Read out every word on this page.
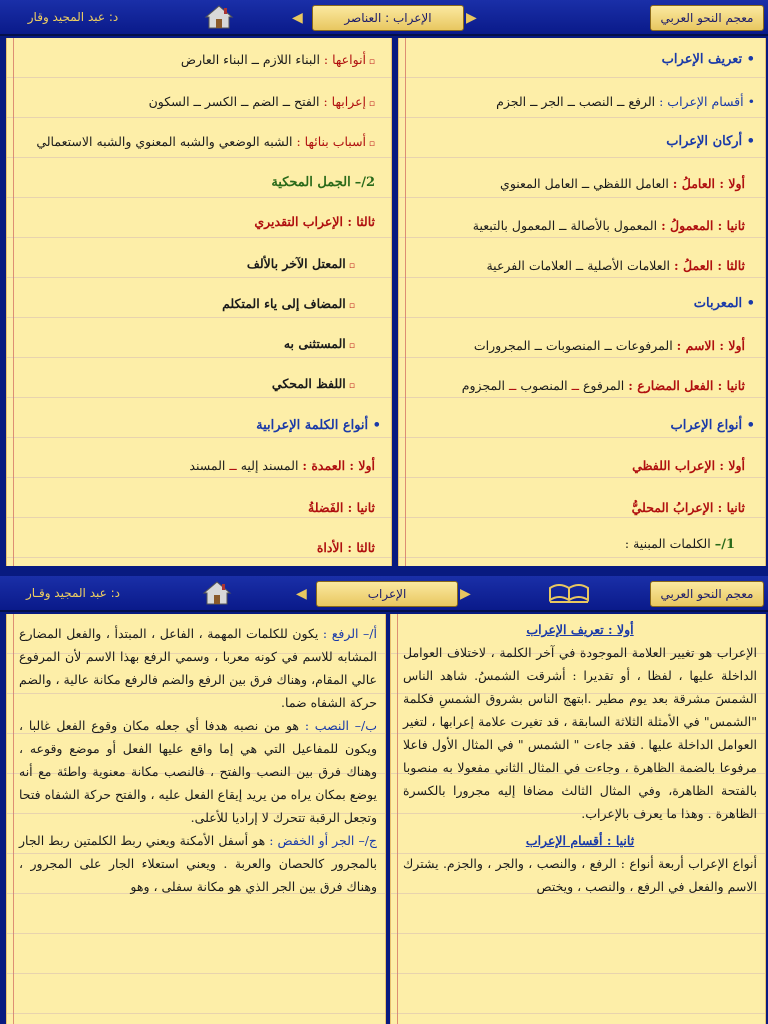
د: عبد المجيد وقار	الإعراب : العناصر
◀	▶	معجم النحو العربي
• تعريف الإعراب
• أقسام الإعراب : الرفع ــ النصب ــ الجر ــ الجزم
• أركان الإعراب
أولا : العاملُ : العامل اللفظي ــ العامل المعنوي
ثانيا : المعمولُ : المعمول بالأصالة ــ المعمول بالتبعية
ثالثا : العملُ : العلامات الأصلية ــ العلامات الفرعية
• المعربات
أولا : الاسم : المرفوعات ــ المنصوبات ــ المجرورات
ثانيا : الفعل المضارع : المرفوع ــ المنصوب ــ المجزوم
• أنواع الإعراب
أولا : الإعراب اللفظي
ثانيا : الإعرابُ المحليُّ
1/– الكلمات المبنية :
▫ أنواعها : البناء اللازم ــ البناء العارض
▫ إعرابها : الفتح ــ الضم ــ الكسر ــ السكون
▫ أسباب بنائها : الشبه الوضعي والشبه المعنوي والشبه الاستعمالي
2/– الجمل المحكية
ثالثا : الإعراب التقديري
▫ المعتل الآخر بالألف
▫ المضاف إلى ياء المتكلم
▫ المستثنى به
▫ اللفظ المحكي
• أنواع الكلمة الإعرابية
أولا : العمدة : المسند إليه ــ المسند
ثانيا : الفَضلةُ
ثالثا : الأداة
د: عبد المجيد وقـار	الإعراب
◀	▶	معجم النحو العربي

أولا : تعريف الإعراب

الإعراب هو تغيير العلامة الموجودة في آخر الكلمة ، لاختلاف العوامل الداخلة عليها ، لفظا ، أو تقديرا : أشرقت الشمسُ. شاهد الناس الشمسَ مشرقة بعد يوم مطير .ابتهج الناس بشروق الشمسِ فكلمة "الشمس" في الأمثلة الثلاثة السابقة ، قد تغيرت علامة إعرابها ، لتغير العوامل الداخلة عليها . فقد جاءت " الشمس " في المثال الأول فاعلا مرفوعا بالضمة الظاهرة ، وجاءت في المثال الثاني مفعولا به منصوبا بالفتحة الظاهرة، وفي المثال الثالث مضافا إليه مجرورا بالكسرة الظاهرة . وهذا ما يعرف بالإعراب.

ثانيا : أقسام الإعراب

أنواع الإعراب أربعة أنواع : الرفع ، والنصب ، والجر ، والجزم. يشترك الاسم والفعل في الرفع ، والنصب ، ويختص

أ/– الرفع : يكون للكلمات المهمة ، الفاعل ، المبتدأ ، والفعل المضارع المشابه للاسم في كونه معربا ، وسمي الرفع بهذا الاسم لأن المرفوع عالي المقام، وهناك فرق بين الرفع والضم فالرفع مكانة عالية ، والضم حركة الشفاه ضما.

ب/– النصب : هو من نصبه هدفا أي جعله مكان وقوع الفعل غالبا ، ويكون للمفاعيل التي هي إما واقع عليها الفعل أو موضع وقوعه ، وهناك فرق بين النصب والفتح ، فالنصب مكانة معنوية واطئة مع أنه يوضع بمكان يراه من يريد إيقاع الفعل عليه ، والفتح حركة الشفاه فتحا وتجعل الرقبة تتحرك لا إراديا للأعلى.

ج/– الجر أو الخفض : هو أسفل الأمكنة ويعني ربط الكلمتين ربط الجار بالمجرور كالحصان والعربة . ويعني استعلاء الجار على المجرور ، وهناك فرق بين الجر الذي هو مكانة سفلى ، وهو
